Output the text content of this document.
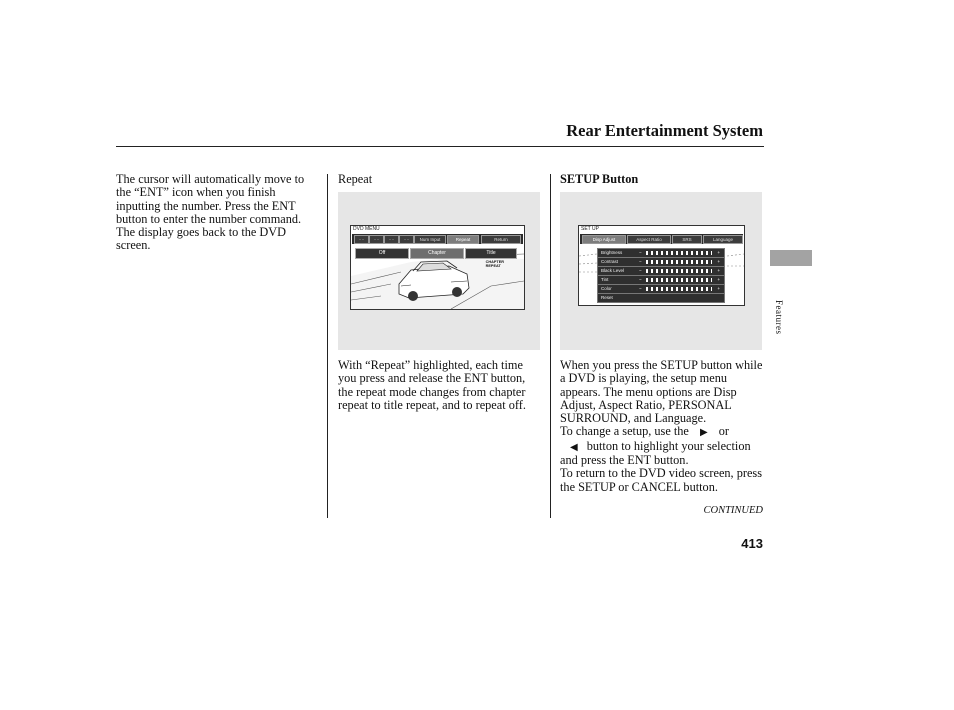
Rear Entertainment System
The cursor will automatically move to the “ENT” icon when you finish inputting the number. Press the ENT button to enter the number command. The display goes back to the DVD screen.
Repeat
DVD MENU
····	····	····	····	Num Input	Repeat	Return
Off	Chapter	Title
CHAPTER
REPEAT
With “Repeat” highlighted, each time you press and release the ENT button, the repeat mode changes from chapter repeat to title repeat, and to repeat off.
SETUP Button
SET UP
Disp Adjust	Aspect Ratio	SRS	Language
Brightness	−	+
Contrast	−	+
Black Level	−	+
Tint	−	+
Color	−	+
Reset

When you press the SETUP button while a DVD is playing, the setup menu appears. The menu options are Disp Adjust, Aspect Ratio, PERSONAL SURROUND, and Language.

To change a setup, use the ▶ or
◀ button to highlight your selection and press the ENT button.

To return to the DVD video screen, press the SETUP or CANCEL button.

CONTINUED
413
Features
